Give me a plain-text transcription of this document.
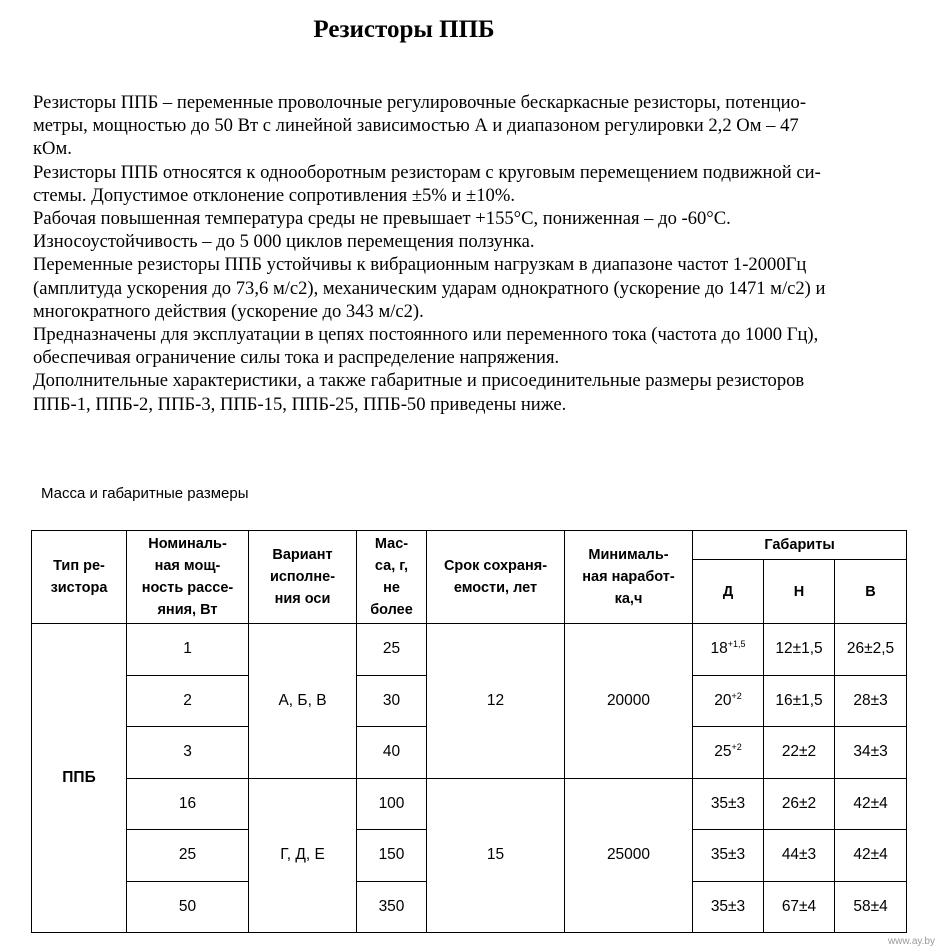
Резисторы ППБ

Резисторы ППБ – переменные проволочные регулировочные бескаркасные резисторы, потенцио-

метры, мощностью до 50 Вт с линейной зависимостью А и диапазоном регулировки 2,2 Ом – 47

кОм.

Резисторы ППБ относятся к однооборотным резисторам с круговым перемещением подвижной си-

стемы. Допустимое отклонение сопротивления ±5% и ±10%.

Рабочая повышенная температура среды не превышает +155°С, пониженная – до -60°С.

Износоустойчивость – до 5 000 циклов перемещения ползунка.

Переменные резисторы ППБ устойчивы к вибрационным нагрузкам в диапазоне частот 1-2000Гц

(амплитуда ускорения до 73,6 м/с2), механическим ударам однократного (ускорение до 1471 м/с2) и

многократного действия (ускорение до 343 м/с2).

Предназначены для эксплуатации в цепях постоянного или переменного тока (частота до 1000 Гц),

обеспечивая ограничение силы тока и распределение напряжения.

Дополнительные характеристики, а также габаритные и присоединительные размеры резисторов

ППБ-1, ППБ-2, ППБ-3, ППБ-15, ППБ-25, ППБ-50 приведены ниже.

Масса и габаритные размеры
Тип ре-
зистора	Номиналь-
ная мощ-
ность рассе-
яния, Вт	Вариант
исполне-
ния оси	Мас-
са, г,
не
более	Срок сохраня-
емости, лет	Минималь-
ная наработ-
ка,ч	Габариты		
						Д	Н	В
ППБ	1	А, Б, В	25	12	20000	$18^{+1,5}$	12±1,5	26±2,5
	2		30			$20^{+2}$	16±1,5	28±3
	3		40			$25^{+2}$	22±2	34±3
	16	Г, Д, Е	100	15	25000	35±3	26±2	42±4
	25		150			35±3	44±3	42±4
	50		350			35±3	67±4	58±4
www.ay.by
